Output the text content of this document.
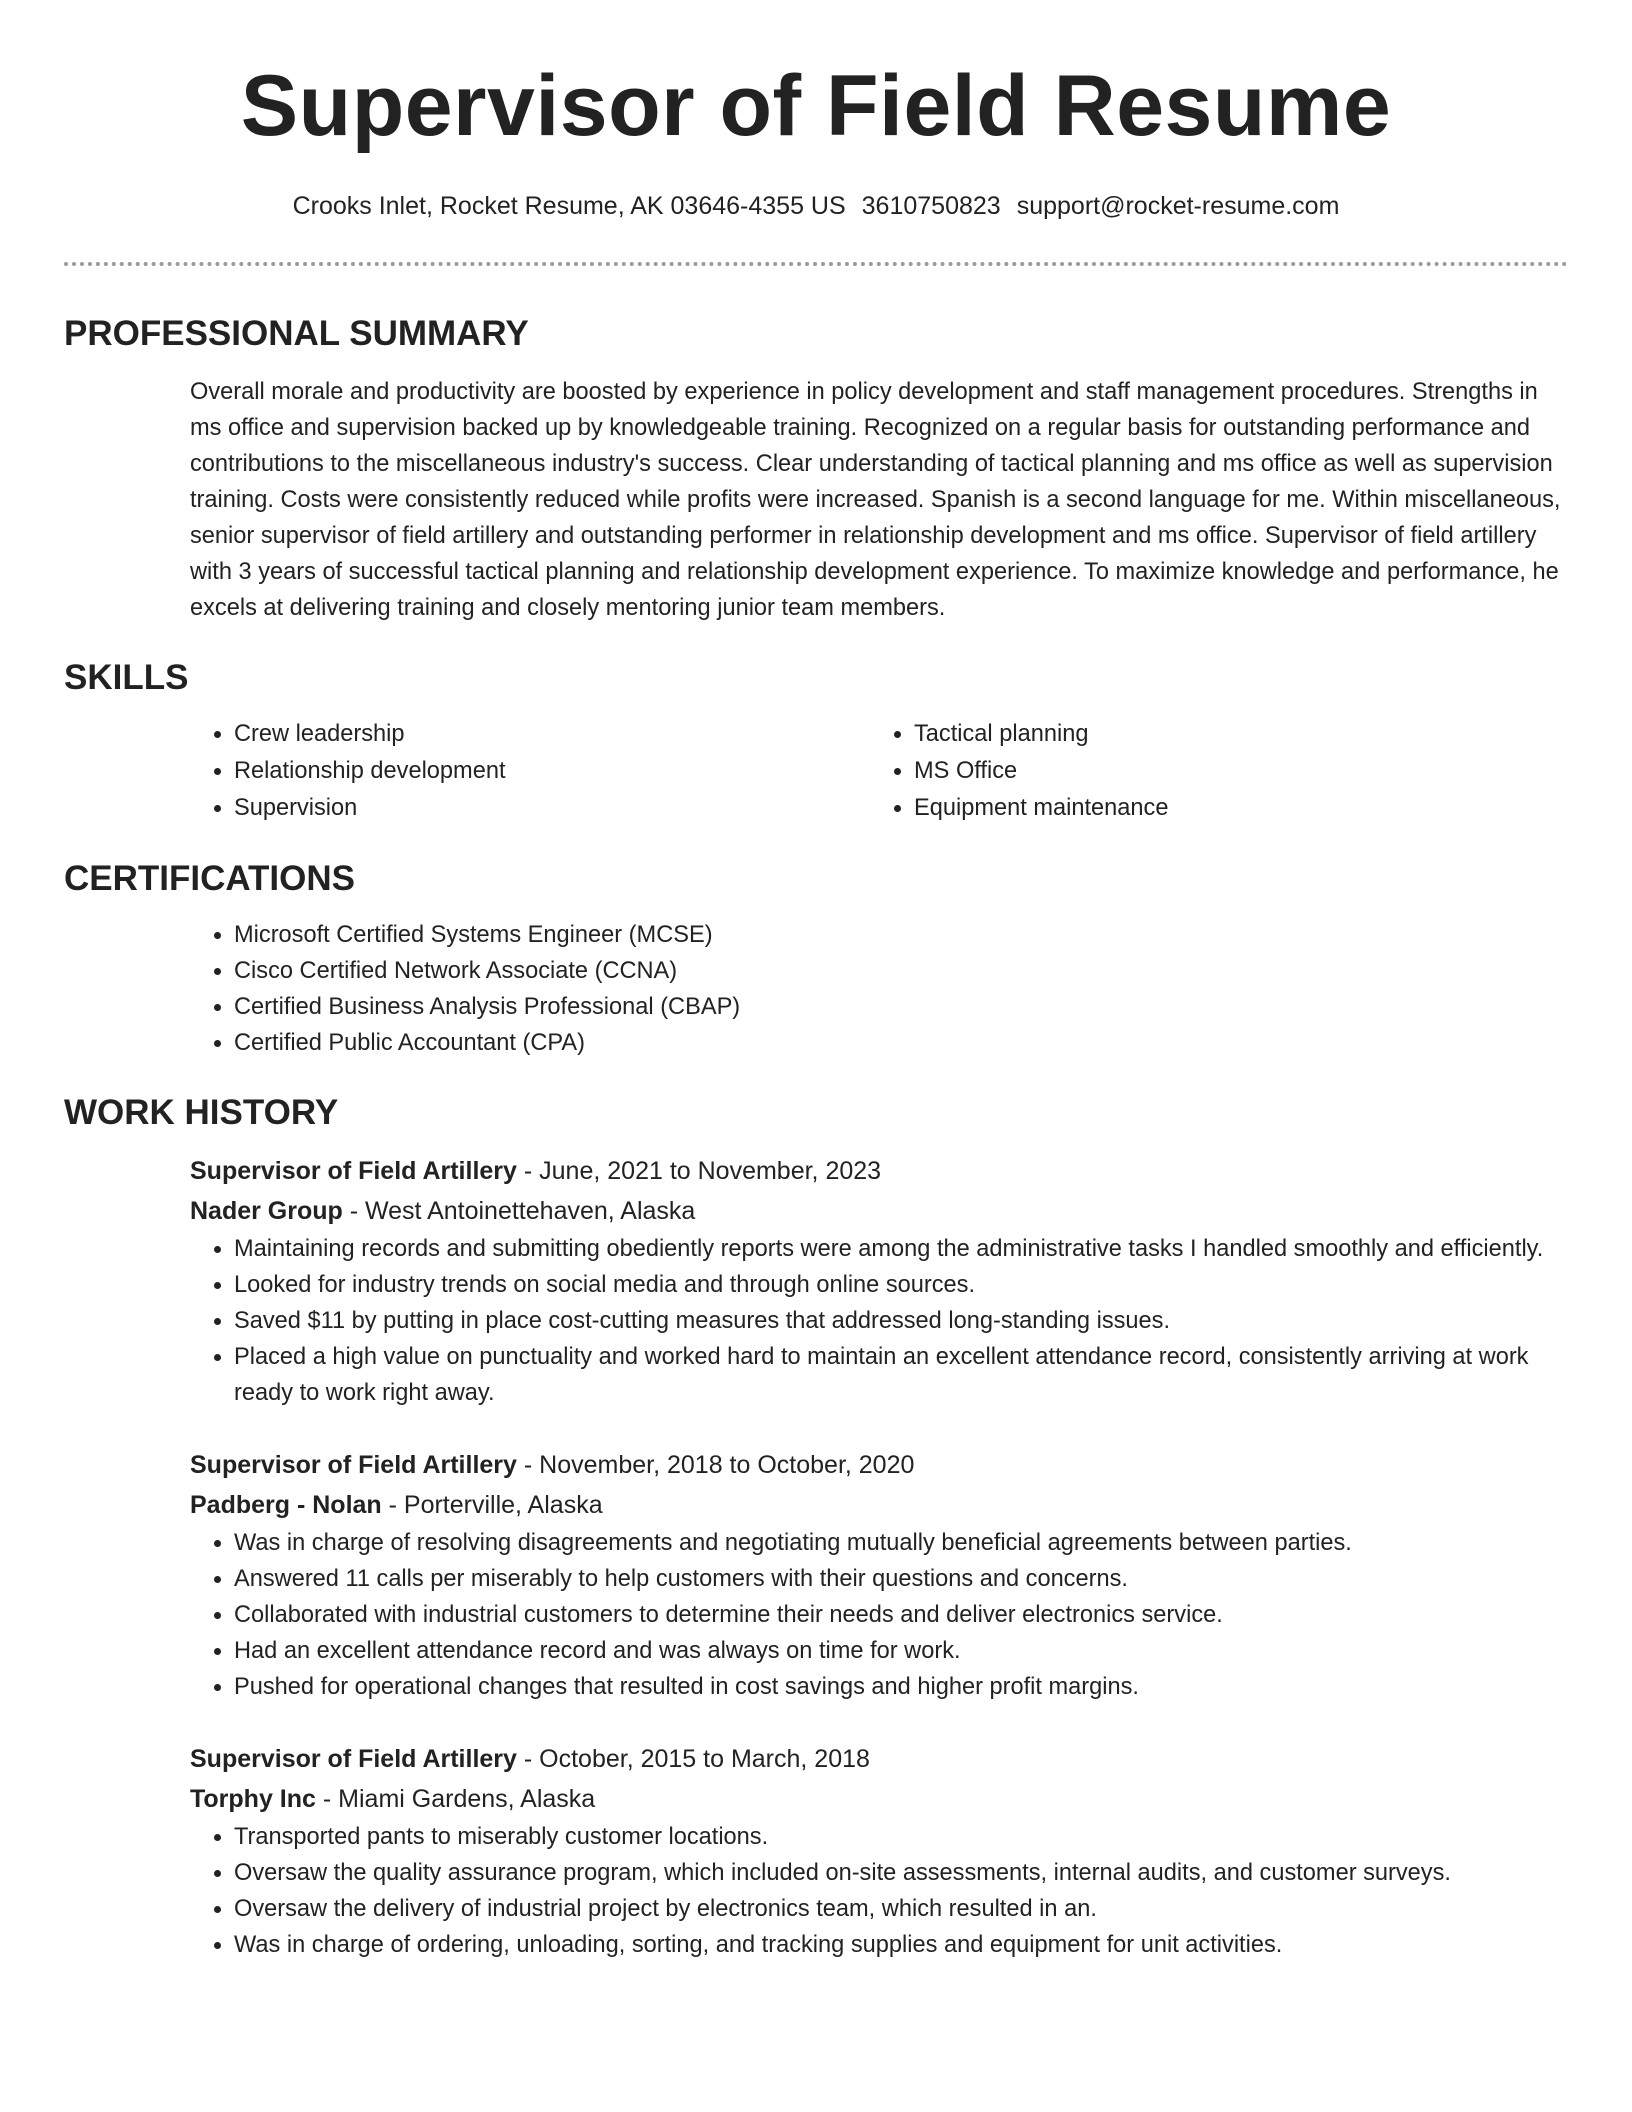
Supervisor of Field Resume
Crooks Inlet, Rocket Resume, AK 03646-4355 US 3610750823 support@rocket-resume.com
PROFESSIONAL SUMMARY
Overall morale and productivity are boosted by experience in policy development and staff management procedures. Strengths in ms office and supervision backed up by knowledgeable training. Recognized on a regular basis for outstanding performance and contributions to the miscellaneous industry's success. Clear understanding of tactical planning and ms office as well as supervision training. Costs were consistently reduced while profits were increased. Spanish is a second language for me. Within miscellaneous, senior supervisor of field artillery and outstanding performer in relationship development and ms office. Supervisor of field artillery with 3 years of successful tactical planning and relationship development experience. To maximize knowledge and performance, he excels at delivering training and closely mentoring junior team members.
SKILLS
• Crew leadership
• Relationship development
• Supervision
• Tactical planning
• MS Office
• Equipment maintenance
CERTIFICATIONS
• Microsoft Certified Systems Engineer (MCSE)
• Cisco Certified Network Associate (CCNA)
• Certified Business Analysis Professional (CBAP)
• Certified Public Accountant (CPA)
WORK HISTORY
Supervisor of Field Artillery - June, 2021 to November, 2023
Nader Group - West Antoinettehaven, Alaska
• Maintaining records and submitting obediently reports were among the administrative tasks I handled smoothly and efficiently.
• Looked for industry trends on social media and through online sources.
• Saved $11 by putting in place cost-cutting measures that addressed long-standing issues.
• Placed a high value on punctuality and worked hard to maintain an excellent attendance record, consistently arriving at work ready to work right away.
Supervisor of Field Artillery - November, 2018 to October, 2020
Padberg - Nolan - Porterville, Alaska
• Was in charge of resolving disagreements and negotiating mutually beneficial agreements between parties.
• Answered 11 calls per miserably to help customers with their questions and concerns.
• Collaborated with industrial customers to determine their needs and deliver electronics service.
• Had an excellent attendance record and was always on time for work.
• Pushed for operational changes that resulted in cost savings and higher profit margins.
Supervisor of Field Artillery - October, 2015 to March, 2018
Torphy Inc - Miami Gardens, Alaska
• Transported pants to miserably customer locations.
• Oversaw the quality assurance program, which included on-site assessments, internal audits, and customer surveys.
• Oversaw the delivery of industrial project by electronics team, which resulted in an.
• Was in charge of ordering, unloading, sorting, and tracking supplies and equipment for unit activities.
